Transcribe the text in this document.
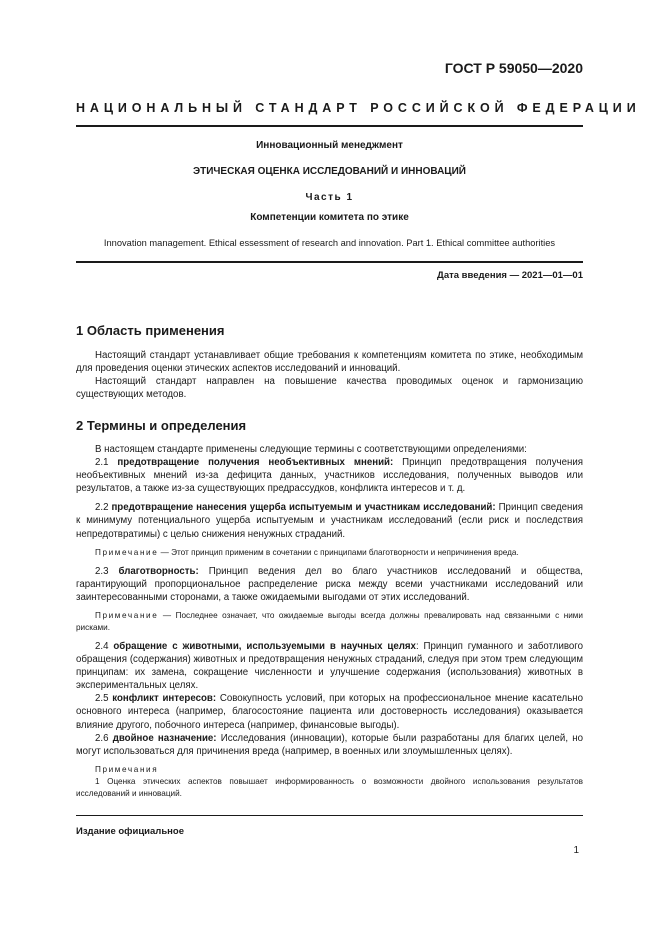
ГОСТ Р 59050—2020
НАЦИОНАЛЬНЫЙ СТАНДАРТ РОССИЙСКОЙ ФЕДЕРАЦИИ
Инновационный менеджмент
ЭТИЧЕСКАЯ ОЦЕНКА ИССЛЕДОВАНИЙ И ИННОВАЦИЙ
Часть 1
Компетенции комитета по этике
Innovation management. Ethical essessment of research and innovation. Part 1. Ethical committee authorities
Дата введения — 2021—01—01
1 Область применения

Настоящий стандарт устанавливает общие требования к компетенциям комитета по этике, необходимым для проведения оценки этических аспектов исследований и инноваций.

Настоящий стандарт направлен на повышение качества проводимых оценок и гармонизацию существующих методов.

2 Термины и определения

В настоящем стандарте применены следующие термины с соответствующими определениями:

2.1 предотвращение получения необъективных мнений: Принцип предотвращения получения необъективных мнений из-за дефицита данных, участников исследования, полученных выводов или результатов, а также из-за существующих предрассудков, конфликта интересов и т. д.

2.2 предотвращение нанесения ущерба испытуемым и участникам исследований: Принцип сведения к минимуму потенциального ущерба испытуемым и участникам исследований (если риск и последствия непредотвратимы) с целью снижения ненужных страданий.

Примечание — Этот принцип применим в сочетании с принципами благотворности и непричинения вреда.

2.3 благотворность: Принцип ведения дел во благо участников исследований и общества, гарантирующий пропорциональное распределение риска между всеми участниками исследований или заинтересованными сторонами, а также ожидаемыми выгодами от этих исследований.

Примечание — Последнее означает, что ожидаемые выгоды всегда должны превалировать над связанными с ними рисками.

2.4 обращение с животными, используемыми в научных целях: Принцип гуманного и заботливого обращения (содержания) животных и предотвращения ненужных страданий, следуя при этом трем следующим принципам: их замена, сокращение численности и улучшение содержания (использования) животных в экспериментальных целях.

2.5 конфликт интересов: Совокупность условий, при которых на профессиональное мнение касательно основного интереса (например, благосостояние пациента или достоверность исследования) оказывается влияние другого, побочного интереса (например, финансовые выгоды).

2.6 двойное назначение: Исследования (инновации), которые были разработаны для благих целей, но могут использоваться для причинения вреда (например, в военных или злоумышленных целях).

Примечания

1 Оценка этических аспектов повышает информированность о возможности двойного использования результатов исследований и инноваций.

Издание официальное
1
